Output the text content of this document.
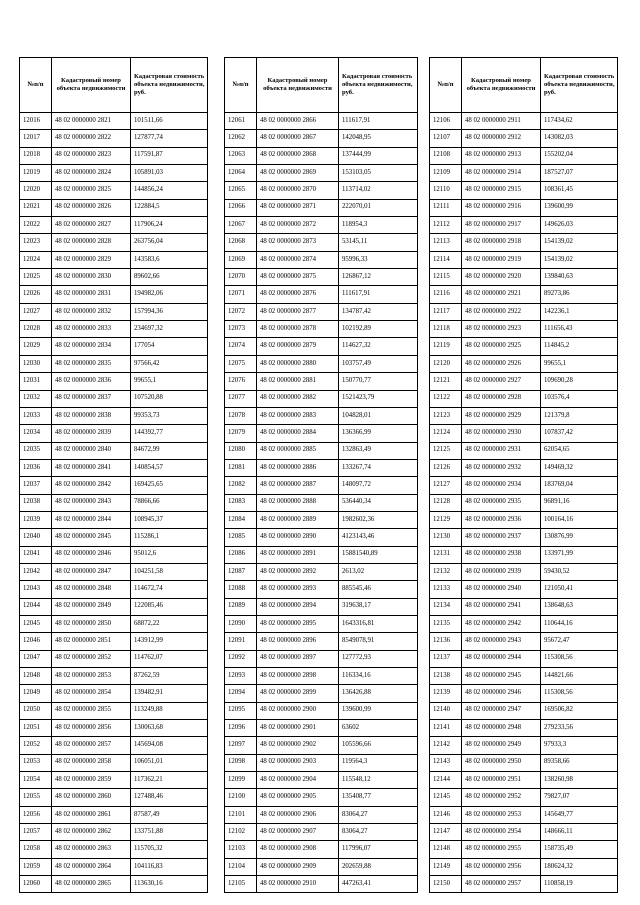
№п/п	Кадастровый номер объекта недвижимости	Кадастровая стоимость объекта недвижимости, руб.
12016	48 02 0000000 2821	101511,66
12017	48 02 0000000 2822	127877,74
12018	48 02 0000000 2823	117591,87
12019	48 02 0000000 2824	105891,03
12020	48 02 0000000 2825	144856,24
12021	48 02 0000000 2826	122884,5
12022	48 02 0000000 2827	117906,24
12023	48 02 0000000 2828	263756,04
12024	48 02 0000000 2829	143583,6
12025	48 02 0000000 2830	89602,66
12026	48 02 0000000 2831	194982,06
12027	48 02 0000000 2832	157994,36
12028	48 02 0000000 2833	234697,32
12029	48 02 0000000 2834	177054
12030	48 02 0000000 2835	97566,42
12031	48 02 0000000 2836	99655,1
12032	48 02 0000000 2837	107520,88
12033	48 02 0000000 2838	99353,73
12034	48 02 0000000 2839	144392,77
12035	48 02 0000000 2840	84672,99
12036	48 02 0000000 2841	140854,57
12037	48 02 0000000 2842	169425,65
12038	48 02 0000000 2843	78866,66
12039	48 02 0000000 2844	108945,37
12040	48 02 0000000 2845	115286,1
12041	48 02 0000000 2846	95012,6
12042	48 02 0000000 2847	104251,58
12043	48 02 0000000 2848	114672,74
12044	48 02 0000000 2849	122085,46
12045	48 02 0000000 2850	68872,22
12046	48 02 0000000 2851	143912,99
12047	48 02 0000000 2852	114762,07
12048	48 02 0000000 2853	87262,59
12049	48 02 0000000 2854	139482,91
12050	48 02 0000000 2855	113249,88
12051	48 02 0000000 2856	130063,68
12052	48 02 0000000 2857	145694,08
12053	48 02 0000000 2858	106051,01
12054	48 02 0000000 2859	117362,21
12055	48 02 0000000 2860	127488,46
12056	48 02 0000000 2861	87587,49
12057	48 02 0000000 2862	133751,88
12058	48 02 0000000 2863	115705,32
12059	48 02 0000000 2864	104116,83
12060	48 02 0000000 2865	113630,16
№п/п	Кадастровый номер объекта недвижимости	Кадастровая стоимость объекта недвижимости, руб.
12061	48 02 0000000 2866	111617,91
12062	48 02 0000000 2867	142048,95
12063	48 02 0000000 2868	137444,99
12064	48 02 0000000 2869	153103,05
12065	48 02 0000000 2870	113714,02
12066	48 02 0000000 2871	222070,01
12067	48 02 0000000 2872	118954,3
12068	48 02 0000000 2873	53145,11
12069	48 02 0000000 2874	95996,33
12070	48 02 0000000 2875	126867,12
12071	48 02 0000000 2876	111617,91
12072	48 02 0000000 2877	134787,42
12073	48 02 0000000 2878	102192,89
12074	48 02 0000000 2879	114627,32
12075	48 02 0000000 2880	103757,49
12076	48 02 0000000 2881	150770,77
12077	48 02 0000000 2882	1521423,79
12078	48 02 0000000 2883	104828,01
12079	48 02 0000000 2884	136366,99
12080	48 02 0000000 2885	132863,49
12081	48 02 0000000 2886	133267,74
12082	48 02 0000000 2887	148097,72
12083	48 02 0000000 2888	536440,34
12084	48 02 0000000 2889	1982602,36
12085	48 02 0000000 2890	4123143,46
12086	48 02 0000000 2891	15881540,89
12087	48 02 0000000 2892	2613,02
12088	48 02 0000000 2893	885545,46
12089	48 02 0000000 2894	319638,17
12090	48 02 0000000 2895	1643316,81
12091	48 02 0000000 2896	8549078,91
12092	48 02 0000000 2897	127772,93
12093	48 02 0000000 2898	116334,16
12094	48 02 0000000 2899	136426,88
12095	48 02 0000000 2900	139600,99
12096	48 02 0000000 2901	63602
12097	48 02 0000000 2902	105596,66
12098	48 02 0000000 2903	119564,3
12099	48 02 0000000 2904	115548,12
12100	48 02 0000000 2905	135408,77
12101	48 02 0000000 2906	83064,27
12102	48 02 0000000 2907	83064,27
12103	48 02 0000000 2908	117996,07
12104	48 02 0000000 2909	202659,88
12105	48 02 0000000 2910	447263,41
№п/п	Кадастровый номер объекта недвижимости	Кадастровая стоимость объекта недвижимости, руб.
12106	48 02 0000000 2911	117434,62
12107	48 02 0000000 2912	143082,03
12108	48 02 0000000 2913	155202,04
12109	48 02 0000000 2914	187527,07
12110	48 02 0000000 2915	108361,45
12111	48 02 0000000 2916	139600,99
12112	48 02 0000000 2917	149626,03
12113	48 02 0000000 2918	154139,02
12114	48 02 0000000 2919	154139,02
12115	48 02 0000000 2920	139840,63
12116	48 02 0000000 2921	89273,86
12117	48 02 0000000 2922	142236,1
12118	48 02 0000000 2923	111656,43
12119	48 02 0000000 2925	114845,2
12120	48 02 0000000 2926	99655,1
12121	48 02 0000000 2927	109690,28
12122	48 02 0000000 2928	103576,4
12123	48 02 0000000 2929	121379,8
12124	48 02 0000000 2930	107837,42
12125	48 02 0000000 2931	62054,65
12126	48 02 0000000 2932	149469,32
12127	48 02 0000000 2934	183769,04
12128	48 02 0000000 2935	96891,16
12129	48 02 0000000 2936	100164,16
12130	48 02 0000000 2937	130876,99
12131	48 02 0000000 2938	133971,99
12132	48 02 0000000 2939	59430,52
12133	48 02 0000000 2940	121050,41
12134	48 02 0000000 2941	138648,63
12135	48 02 0000000 2942	110644,16
12136	48 02 0000000 2943	95672,47
12137	48 02 0000000 2944	115308,56
12138	48 02 0000000 2945	144821,66
12139	48 02 0000000 2946	115308,56
12140	48 02 0000000 2947	169506,82
12141	48 02 0000000 2948	279233,56
12142	48 02 0000000 2949	97933,3
12143	48 02 0000000 2950	89358,66
12144	48 02 0000000 2951	138260,98
12145	48 02 0000000 2952	79827,07
12146	48 02 0000000 2953	145649,77
12147	48 02 0000000 2954	148666,11
12148	48 02 0000000 2955	158735,49
12149	48 02 0000000 2956	180624,32
12150	48 02 0000000 2957	110858,19
